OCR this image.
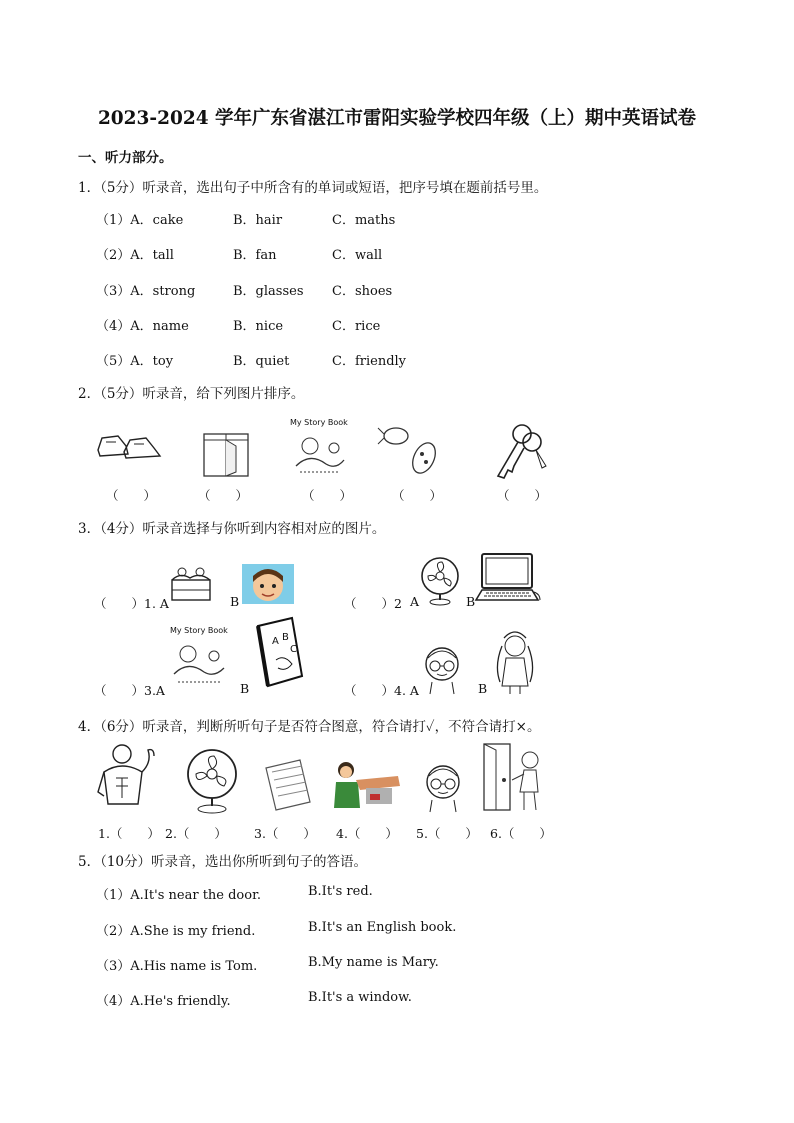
2023-2024 学年广东省湛江市雷阳实验学校四年级（上）期中英语试卷
一、听力部分。
1．（5分）听录音，选出句子中所含有的单词或短语，把序号填在题前括号里。
（1）A．cake	B．hair	C．maths
（2）A．tall	B．fan	C．wall
（3）A．strong	B．glasses C．shoes
（4）A．name	B．nice	C．rice
（5）A．toy	B．quiet	C．friendly
2．（5分）听录音，给下列图片排序。
My Story Book
（　　）	（　　）	（　　）	（　　）	（　　）
3．（4分）听录音选择与你听到内容相对应的图片。
（　　）1. A	B	（　　）2 A	B
（　　）3.A
My Story Book
B
A B
C
（　　）4. A	B
4．（6分）听录音，判断所听句子是否符合图意，符合请打✓，不符合请打×。
1.（　　） 2.（　　） 3.（　　） 4.（　　） 5.（　　） 6.（　　）
5．（10分）听录音，选出你所听到句子的答语。
（1）A.It's near the door.	B.It's red.
（2）A.She is my friend.	B.It's an English book.
（3）A.His name is Tom.	B.My name is Mary.
（4）A.He's friendly.	B.It's a window.
